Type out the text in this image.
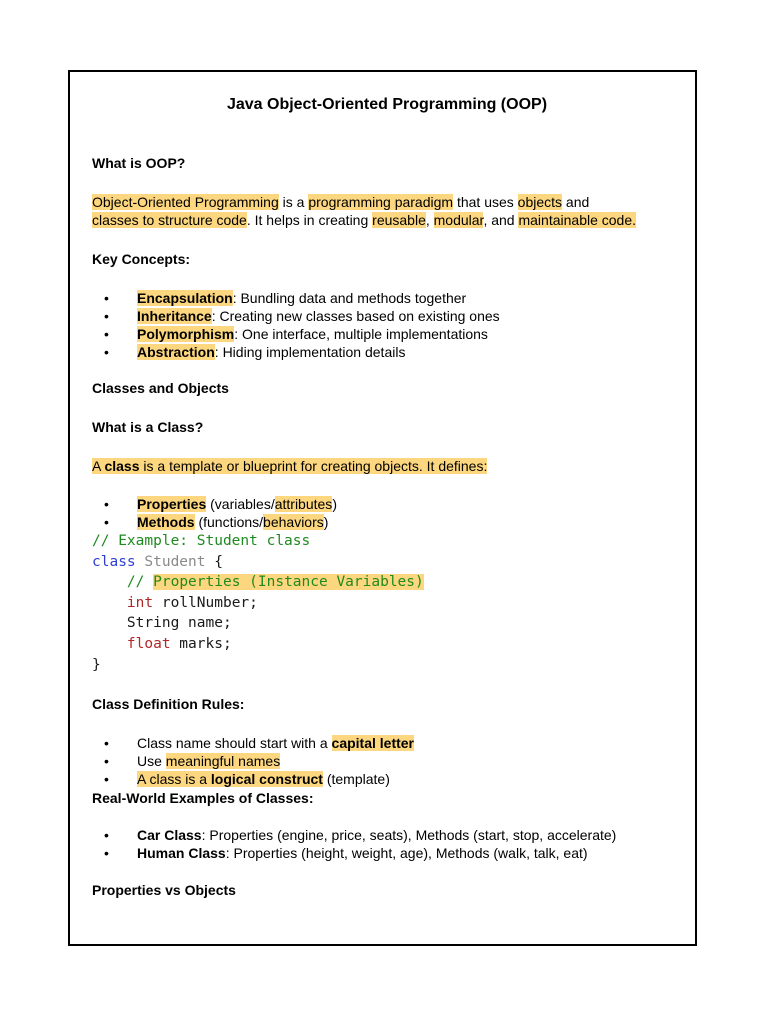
Java Object-Oriented Programming (OOP)
What is OOP?
Object-Oriented Programming is a programming paradigm that uses objects and
classes to structure code. It helps in creating reusable, modular, and maintainable code.
Key Concepts:
• Encapsulation: Bundling data and methods together
• Inheritance: Creating new classes based on existing ones
• Polymorphism: One interface, multiple implementations
• Abstraction: Hiding implementation details
Classes and Objects
What is a Class?
A class is a template or blueprint for creating objects. It defines:
• Properties (variables/attributes)
• Methods (functions/behaviors)
// Example: Student class
class Student {
// Properties (Instance Variables)
int rollNumber;
String name;
float marks;
}
Class Definition Rules:
• Class name should start with a capital letter
• Use meaningful names
• A class is a logical construct (template)
Real-World Examples of Classes:
• Car Class: Properties (engine, price, seats), Methods (start, stop, accelerate)
• Human Class: Properties (height, weight, age), Methods (walk, talk, eat)
Properties vs Objects
